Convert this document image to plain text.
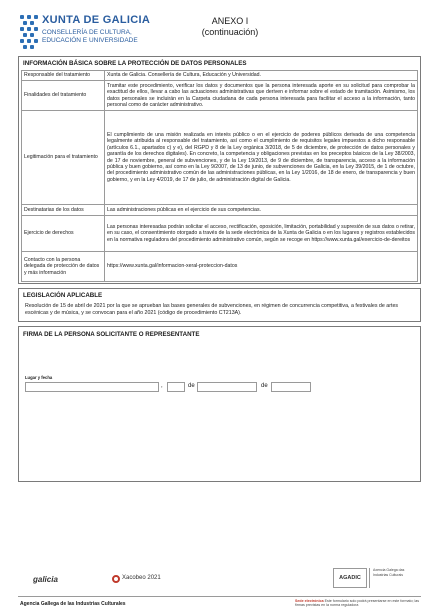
XUNTA DE GALICIA
CONSELLERÍA DE CULTURA,
EDUCACIÓN E UNIVERSIDADE
ANEXO I
(continuación)
INFORMACIÓN BÁSICA SOBRE LA PROTECCIÓN DE DATOS PERSONALES
Responsable del tratamiento	Xunta de Galicia. Consellería de Cultura, Educación y Universidad.
Finalidades del tratamiento	Tramitar este procedimiento, verificar los datos y documentos que la persona interesada aporte en su solicitud para comprobar la exactitud de ellos, llevar a cabo las actuaciones administrativas que deriven e informar sobre el estado de tramitación. Asimismo, los datos personales se incluirán en la Carpeta ciudadana de cada persona interesada para facilitar el acceso a la información, tanto personal como de carácter administrativo.
Legitimación para el tratamiento	El cumplimiento de una misión realizada en interés público o en el ejercicio de poderes públicos derivada de una competencia legalmente atribuida al responsable del tratamiento, así como el cumplimiento de requisitos legales impuestos a dicho responsable (artículos 6.1., apartados c) y e), del RGPD y 8 de la Ley orgánica 3/2018, de 5 de diciembre, de protección de datos personales y garantía de los derechos digitales). En concreto, la competencia y obligaciones previstas en los preceptos básicos de la Ley 38/2003, de 17 de noviembre, general de subvenciones, y de la Ley 19/2013, de 9 de diciembre, de transparencia, acceso a la información pública y buen gobierno, así como en la Ley 9/2007, de 13 de junio, de subvenciones de Galicia, en la Ley 39/2015, de 1 de octubre, del procedimiento administrativo común de las administraciones públicas, en la Ley 1/2016, de 18 de enero, de transparencia y buen gobierno, y en la Ley 4/2019, de 17 de julio, de administración digital de Galicia.
Destinatarias de los datos	Las administraciones públicas en el ejercicio de sus competencias.
Ejercicio de derechos	Las personas interesadas podrán solicitar el acceso, rectificación, oposición, limitación, portabilidad y supresión de sus datos o retirar, en su caso, el consentimiento otorgado a través de la sede electrónica de la Xunta de Galicia o en los lugares y registros establecidos en la normativa reguladora del procedimiento administrativo común, según se recoge en https://www.xunta.gal/exercicio-de-dereitos
Contacto con la persona delegada de protección de datos y más información	https://www.xunta.gal/informacion-xeral-proteccion-datos
LEGISLACIÓN APLICABLE
Resolución de 15 de abril de 2021 por la que se aprueban las bases generales de subvenciones, en régimen de concurrencia competitiva, a festivales de artes escénicas y de música, y se convocan para el año 2021 (código de procedimiento CT213A).
FIRMA DE LA PERSONA SOLICITANTE O REPRESENTANTE
Lugar y fecha
,	de	de
galicia	Xacobeo 2021	AGADIC
Axencia Galega das Industrias Culturais
Agencia Gallega de las Industrias Culturales	Sede electrónica Este formulario solo podrá presentarse en este formato; las firmas previstas en la norma reguladora
